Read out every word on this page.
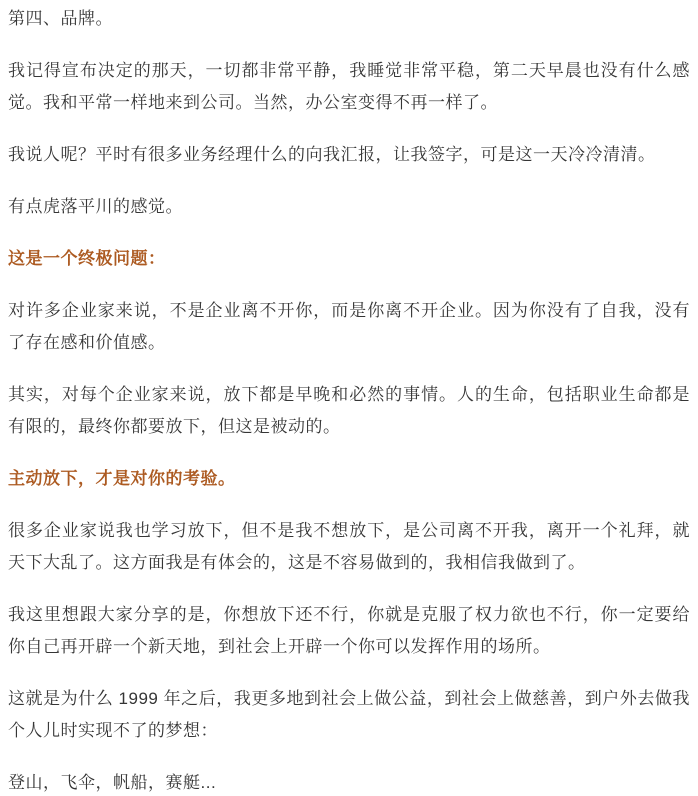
第四、品牌。

我记得宣布决定的那天，一切都非常平静，我睡觉非常平稳，第二天早晨也没有什么感觉。我和平常一样地来到公司。当然，办公室变得不再一样了。

我说人呢？平时有很多业务经理什么的向我汇报，让我签字，可是这一天冷冷清清。

有点虎落平川的感觉。

这是一个终极问题：

对许多企业家来说，不是企业离不开你，而是你离不开企业。因为你没有了自我，没有了存在感和价值感。

其实，对每个企业家来说，放下都是早晚和必然的事情。人的生命，包括职业生命都是有限的，最终你都要放下，但这是被动的。

主动放下，才是对你的考验。

很多企业家说我也学习放下，但不是我不想放下，是公司离不开我，离开一个礼拜，就天下大乱了。这方面我是有体会的，这是不容易做到的，我相信我做到了。

我这里想跟大家分享的是，你想放下还不行，你就是克服了权力欲也不行，你一定要给你自己再开辟一个新天地，到社会上开辟一个你可以发挥作用的场所。

这就是为什么 1999 年之后，我更多地到社会上做公益，到社会上做慈善，到户外去做我个人儿时实现不了的梦想：

登山，飞伞，帆船，赛艇...
